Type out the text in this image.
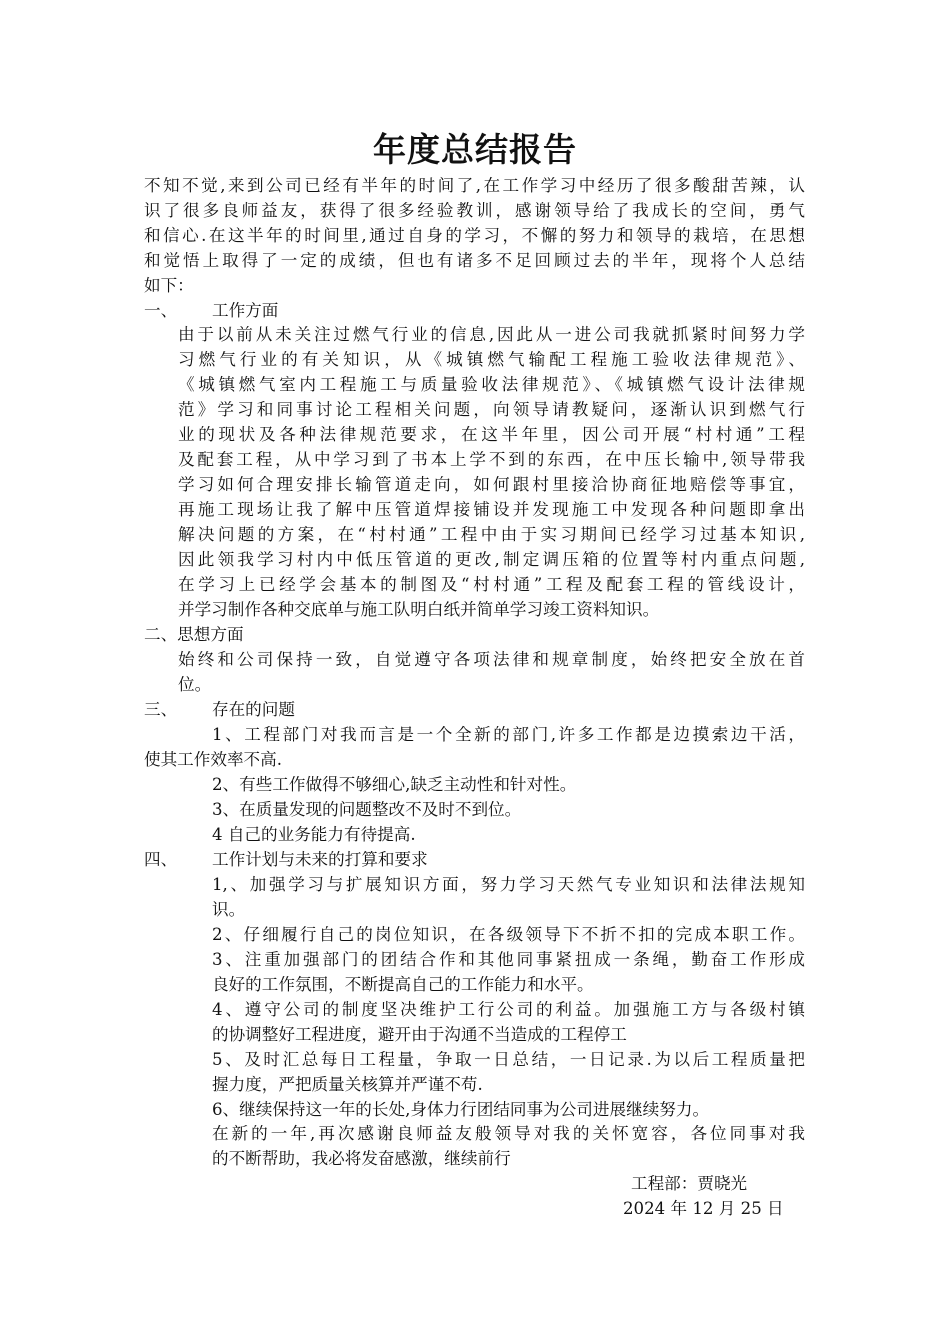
年度总结报告
不知不觉,来到公司已经有半年的时间了,在工作学习中经历了很多酸甜苦辣，认
识了很多良师益友，获得了很多经验教训，感谢领导给了我成长的空间，勇气
和信心.在这半年的时间里,通过自身的学习，不懈的努力和领导的栽培，在思想
和觉悟上取得了一定的成绩，但也有诸多不足回顾过去的半年，现将个人总结
如下：
一、 工作方面
由于以前从未关注过燃气行业的信息,因此从一进公司我就抓紧时间努力学
习燃气行业的有关知识，从《城镇燃气输配工程施工验收法律规范》、
《城镇燃气室内工程施工与质量验收法律规范》、《城镇燃气设计法律规
范》学习和同事讨论工程相关问题，向领导请教疑问，逐渐认识到燃气行
业的现状及各种法律规范要求，在这半年里，因公司开展“村村通”工程
及配套工程，从中学习到了书本上学不到的东西，在中压长输中,领导带我
学习如何合理安排长输管道走向，如何跟村里接洽协商征地赔偿等事宜，
再施工现场让我了解中压管道焊接铺设并发现施工中发现各种问题即拿出
解决问题的方案，在“村村通”工程中由于实习期间已经学习过基本知识,
因此领我学习村内中低压管道的更改,制定调压箱的位置等村内重点问题,
在学习上已经学会基本的制图及“村村通”工程及配套工程的管线设计，
并学习制作各种交底单与施工队明白纸并简单学习竣工资料知识。
二、思想方面
始终和公司保持一致，自觉遵守各项法律和规章制度，始终把安全放在首
位。
三、 存在的问题
1、工程部门对我而言是一个全新的部门,许多工作都是边摸索边干活，
使其工作效率不高.
2、有些工作做得不够细心,缺乏主动性和针对性。
3、在质量发现的问题整改不及时不到位。
4 自己的业务能力有待提高.
四、 工作计划与未来的打算和要求
1,、加强学习与扩展知识方面，努力学习天然气专业知识和法律法规知
识。
2、仔细履行自己的岗位知识，在各级领导下不折不扣的完成本职工作。
3、注重加强部门的团结合作和其他同事紧扭成一条绳，勤奋工作形成
良好的工作氛围，不断提高自己的工作能力和水平。
4、遵守公司的制度坚决维护工行公司的利益。加强施工方与各级村镇
的协调整好工程进度，避开由于沟通不当造成的工程停工
5、及时汇总每日工程量，争取一日总结，一日记录.为以后工程质量把
握力度，严把质量关核算并严谨不苟.
6、继续保持这一年的长处,身体力行团结同事为公司进展继续努力。
在新的一年,再次感谢良师益友般领导对我的关怀宽容，各位同事对我
的不断帮助，我必将发奋感激，继续前行
工程部：贾晓光
2024 年 12 月 25 日
